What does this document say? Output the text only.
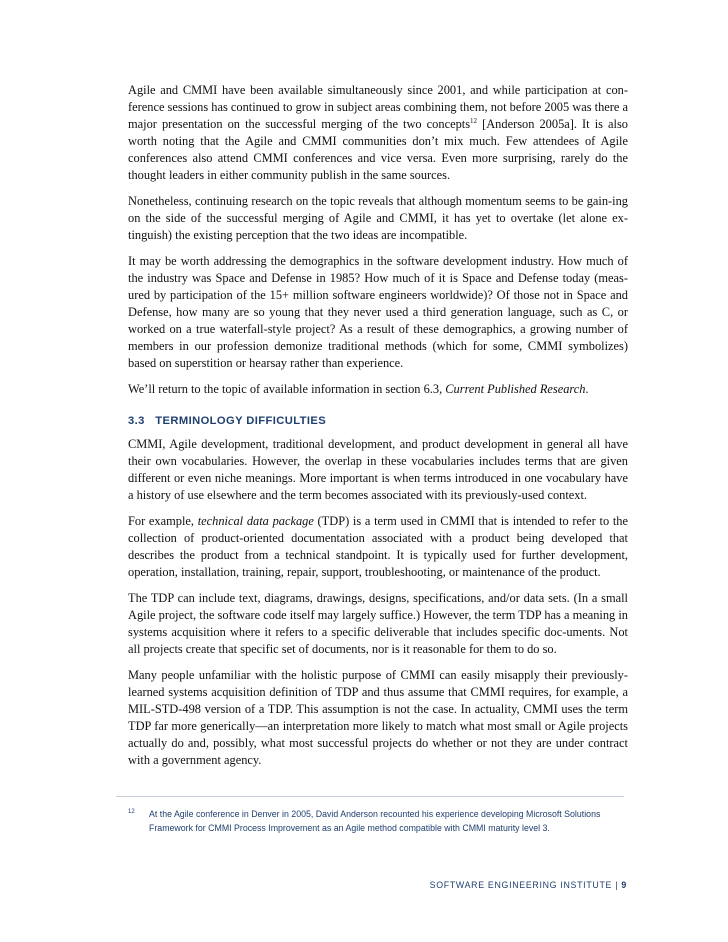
Agile and CMMI have been available simultaneously since 2001, and while participation at con-ference sessions has continued to grow in subject areas combining them, not before 2005 was there a major presentation on the successful merging of the two concepts$^{12}$ [Anderson 2005a]. It is also worth noting that the Agile and CMMI communities don’t mix much. Few attendees of Agile conferences also attend CMMI conferences and vice versa. Even more surprising, rarely do the thought leaders in either community publish in the same sources.

Nonetheless, continuing research on the topic reveals that although momentum seems to be gain-ing on the side of the successful merging of Agile and CMMI, it has yet to overtake (let alone ex-tinguish) the existing perception that the two ideas are incompatible.

It may be worth addressing the demographics in the software development industry. How much of the industry was Space and Defense in 1985? How much of it is Space and Defense today (meas-ured by participation of the 15+ million software engineers worldwide)? Of those not in Space and Defense, how many are so young that they never used a third generation language, such as C, or worked on a true waterfall-style project? As a result of these demographics, a growing number of members in our profession demonize traditional methods (which for some, CMMI symbolizes) based on superstition or hearsay rather than experience.

We’ll return to the topic of available information in section 6.3, Current Published Research.

3.3 TERMINOLOGY DIFFICULTIES

CMMI, Agile development, traditional development, and product development in general all have their own vocabularies. However, the overlap in these vocabularies includes terms that are given different or even niche meanings. More important is when terms introduced in one vocabulary have a history of use elsewhere and the term becomes associated with its previously-used context.

For example, technical data package (TDP) is a term used in CMMI that is intended to refer to the collection of product-oriented documentation associated with a product being developed that describes the product from a technical standpoint. It is typically used for further development, operation, installation, training, repair, support, troubleshooting, or maintenance of the product.

The TDP can include text, diagrams, drawings, designs, specifications, and/or data sets. (In a small Agile project, the software code itself may largely suffice.) However, the term TDP has a meaning in systems acquisition where it refers to a specific deliverable that includes specific doc-uments. Not all projects create that specific set of documents, nor is it reasonable for them to do so.

Many people unfamiliar with the holistic purpose of CMMI can easily misapply their previously-learned systems acquisition definition of TDP and thus assume that CMMI requires, for example, a MIL-STD-498 version of a TDP. This assumption is not the case. In actuality, CMMI uses the term TDP far more generically—an interpretation more likely to match what most small or Agile projects actually do and, possibly, what most successful projects do whether or not they are under contract with a government agency.

12 At the Agile conference in Denver in 2005, David Anderson recounted his experience developing Microsoft Solutions Framework for CMMI Process Improvement as an Agile method compatible with CMMI maturity level 3.
SOFTWARE ENGINEERING INSTITUTE | 9
